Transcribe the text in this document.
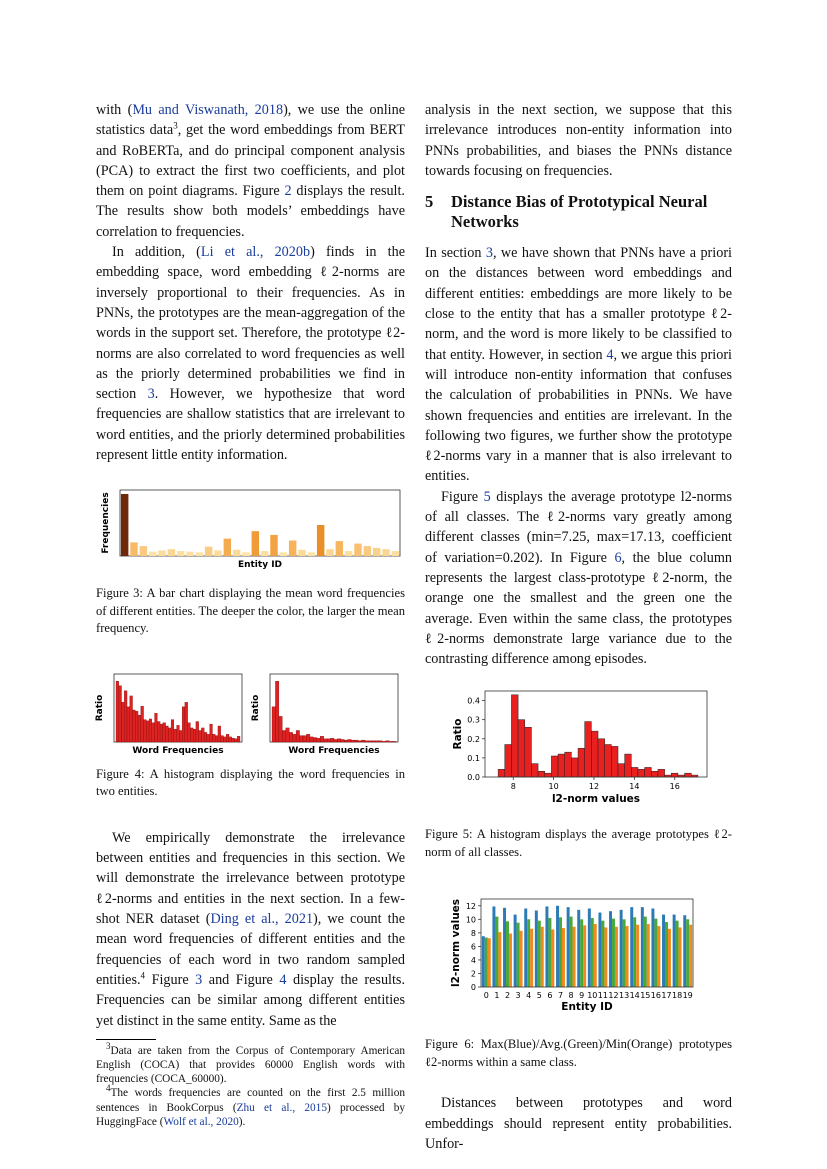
with (Mu and Viswanath, 2018), we use the online statistics data$^3$, get the word embeddings from BERT and RoBERTa, and do principal component analysis (PCA) to extract the first two coefficients, and plot them on point diagrams. Figure 2 displays the result. The results show both models’ embeddings have correlation to frequencies.

In addition, (Li et al., 2020b) finds in the embedding space, word embedding ℓ2-norms are inversely proportional to their frequencies. As in PNNs, the prototypes are the mean-aggregation of the words in the support set. Therefore, the prototype ℓ2-norms are also correlated to word frequencies as well as the priorly determined probabilities we find in section 3. However, we hypothesize that word frequencies are shallow statistics that are irrelevant to word entities, and the priorly determined probabilities represent little entity information.

Entity ID
Frequencies

Figure 3: A bar chart displaying the mean word frequencies of different entities. The deeper the color, the larger the mean frequency.

Word Frequencies
Ratio
Word Frequencies
Ratio

Figure 4: A histogram displaying the word frequencies in two entities.

We empirically demonstrate the irrelevance between entities and frequencies in this section. We will demonstrate the irrelevance between prototype ℓ2-norms and entities in the next section. In a few-shot NER dataset (Ding et al., 2021), we count the mean word frequencies of different entities and the frequencies of each word in two random sampled entities.$^4$ Figure 3 and Figure 4 display the results. Frequencies can be similar among different entities yet distinct in the same entity. Same as the

$^3$Data are taken from the Corpus of Contemporary American English (COCA) that provides 60000 English words with frequencies (COCA_60000).

$^4$The words frequencies are counted on the first 2.5 million sentences in BookCorpus (Zhu et al., 2015) processed by HuggingFace (Wolf et al., 2020).

analysis in the next section, we suppose that this irrelevance introduces non-entity information into PNNs probabilities, and biases the PNNs distance towards focusing on frequencies.

5	Distance Bias of Prototypical Neural Networks

In section 3, we have shown that PNNs have a priori on the distances between word embeddings and different entities: embeddings are more likely to be close to the entity that has a smaller prototype ℓ2-norm, and the word is more likely to be classified to that entity. However, in section 4, we argue this priori will introduce non-entity information that confuses the calculation of probabilities in PNNs. We have shown frequencies and entities are irrelevant. In the following two figures, we further show the prototype ℓ2-norms vary in a manner that is also irrelevant to entities.

Figure 5 displays the average prototype l2-norms of all classes. The ℓ2-norms vary greatly among different classes (min=7.25, max=17.13, coefficient of variation=0.202). In Figure 6, the blue column represents the largest class-prototype ℓ2-norm, the orange one the smallest and the green one the average. Even within the same class, the prototypes ℓ2-norms demonstrate large variance due to the contrasting difference among episodes.

0.0
0.1
0.2
0.3
0.4
8	10	12	14	16
l2-norm values
Ratio

Figure 5: A histogram displays the average prototypes ℓ2-norm of all classes.

0 1 2 3 4 5 6 7 8 9 10 11 12 13 14 15 16 17 18 19
0
2
4
6
8
10
12
Entity ID
l2-norm values

Figure 6: Max(Blue)/Avg.(Green)/Min(Orange) prototypes ℓ2-norms within a same class.

Distances between prototypes and word embeddings should represent entity probabilities. Unfor-
